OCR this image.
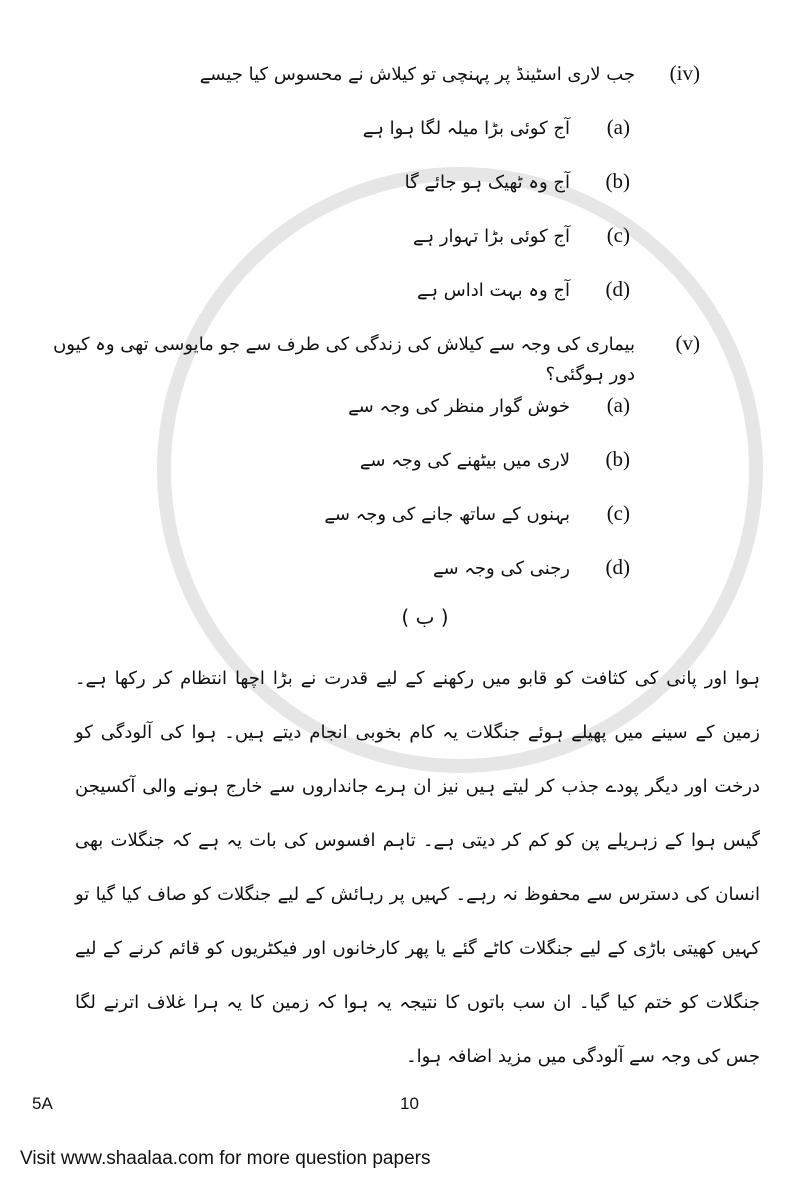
(iv)
جب لاری اسٹینڈ پر پہنچی تو کیلاش نے محسوس کیا جیسے
(a)
آج کوئی بڑا میلہ لگا ہوا ہے
(b)
آج وہ ٹھیک ہو جائے گا
(c)
آج کوئی بڑا تہوار ہے
(d)
آج وہ بہت اداس ہے
(v)
بیماری کی وجہ سے کیلاش کی زندگی کی طرف سے جو مایوسی تھی وہ کیوں دور ہوگئی؟
(a)
خوش گوار منظر کی وجہ سے
(b)
لاری میں بیٹھنے کی وجہ سے
(c)
بہنوں کے ساتھ جانے کی وجہ سے
(d)
رجنی کی وجہ سے
( ب )

ہوا اور پانی کی کثافت کو قابو میں رکھنے کے لیے قدرت نے بڑا اچھا انتظام کر رکھا ہے۔ زمین کے سینے میں پھیلے ہوئے جنگلات یہ کام بخوبی انجام دیتے ہیں۔ ہوا کی آلودگی کو درخت اور دیگر پودے جذب کر لیتے ہیں نیز ان ہرے جانداروں سے خارج ہونے والی آکسیجن گیس ہوا کے زہریلے پن کو کم کر دیتی ہے۔ تاہم افسوس کی بات یہ ہے کہ جنگلات بھی انسان کی دسترس سے محفوظ نہ رہے۔ کہیں پر رہائش کے لیے جنگلات کو صاف کیا گیا تو کہیں کھیتی باڑی کے لیے جنگلات کاٹے گئے یا پھر کارخانوں اور فیکٹریوں کو قائم کرنے کے لیے جنگلات کو ختم کیا گیا۔ ان سب باتوں کا نتیجہ یہ ہوا کہ زمین کا یہ ہرا غلاف اترنے لگا جس کی وجہ سے آلودگی میں مزید اضافہ ہوا۔

5A	10
Visit www.shaalaa.com for more question papers
